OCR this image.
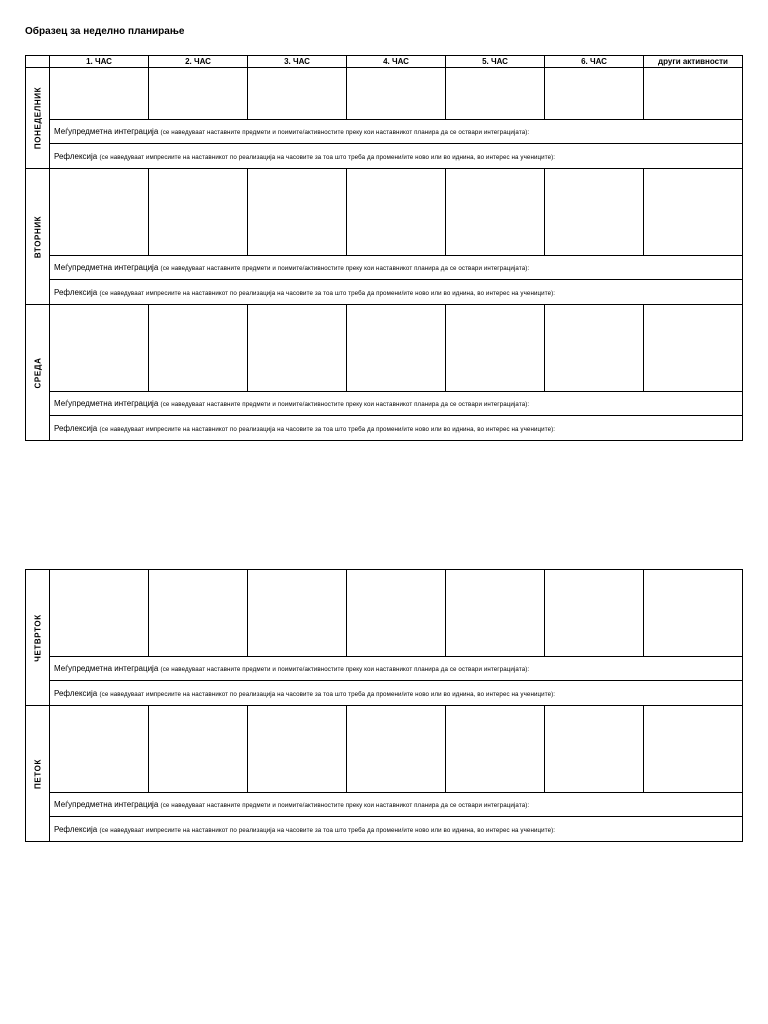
Образец за неделно планирање
	1. ЧАС	2. ЧАС	3. ЧАС	4. ЧАС	5. ЧАС	6. ЧАС	други активности

ПОНЕДЕЛНИК							

	Меѓупредметна интеграција (се наведуваат наставните предмети и поимите/активностите преку кои наставникот планира да се оствари интеграцијата):						
	Рефлексија (се наведуваат импресиите на наставникот по реализација на часовите за тоа што треба да промени/ите ново или во иднина, во интерес на учениците):						

ВТОРНИК							

	Меѓупредметна интеграција (се наведуваат наставните предмети и поимите/активностите преку кои наставникот планира да се оствари интеграцијата):						
	Рефлексија (се наведуваат импресиите на наставникот по реализација на часовите за тоа што треба да промени/ите ново или во иднина, во интерес на учениците):						

СРЕДА							

	Меѓупредметна интеграција (се наведуваат наставните предмети и поимите/активностите преку кои наставникот планира да се оствари интеграцијата):						
	Рефлексија (се наведуваат импресиите на наставникот по реализација на часовите за тоа што треба да промени/ите ново или во иднина, во интерес на учениците):						
ЧЕТВРТОК							

	Меѓупредметна интеграција (се наведуваат наставните предмети и поимите/активностите преку кои наставникот планира да се оствари интеграцијата):						
	Рефлексија (се наведуваат импресиите на наставникот по реализација на часовите за тоа што треба да промени/ите ново или во иднина, во интерес на учениците):						

ПЕТОК							

	Меѓупредметна интеграција (се наведуваат наставните предмети и поимите/активностите преку кои наставникот планира да се оствари интеграцијата):						
	Рефлексија (се наведуваат импресиите на наставникот по реализација на часовите за тоа што треба да промени/ите ново или во иднина, во интерес на учениците):						
